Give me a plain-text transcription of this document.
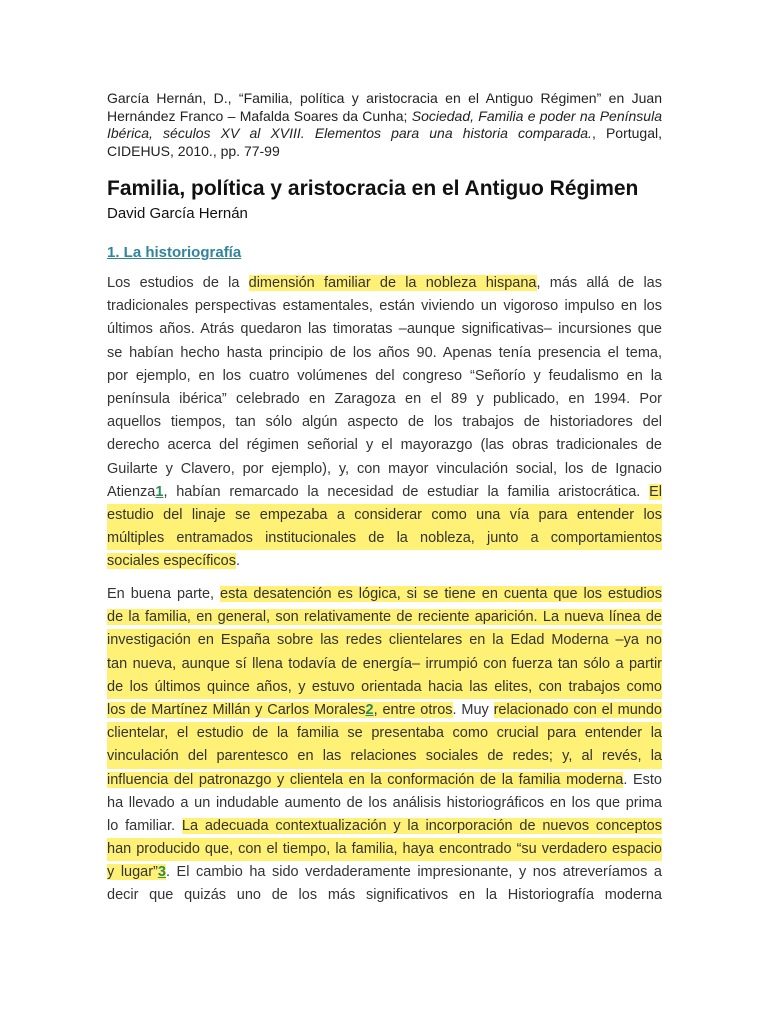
García Hernán, D., “Familia, política y aristocracia en el Antiguo Régimen” en Juan Hernández Franco – Mafalda Soares da Cunha; Sociedad, Familia e poder na Península Ibérica, séculos XV al XVIII. Elementos para una historia comparada., Portugal, CIDEHUS, 2010., pp. 77-99
Familia, política y aristocracia en el Antiguo Régimen
David García Hernán
1. La historiografía
Los estudios de la dimensión familiar de la nobleza hispana, más allá de las
tradicionales perspectivas estamentales, están viviendo un vigoroso impulso en los
últimos años. Atrás quedaron las timoratas –aunque significativas– incursiones que
se habían hecho hasta principio de los años 90. Apenas tenía presencia el tema,
por ejemplo, en los cuatro volúmenes del congreso “Señorío y feudalismo en la
península ibérica” celebrado en Zaragoza en el 89 y publicado, en 1994. Por
aquellos tiempos, tan sólo algún aspecto de los trabajos de historiadores del
derecho acerca del régimen señorial y el mayorazgo (las obras tradicionales de
Guilarte y Clavero, por ejemplo), y, con mayor vinculación social, los de Ignacio
Atienza1, habían remarcado la necesidad de estudiar la familia aristocrática. El
estudio del linaje se empezaba a considerar como una vía para entender los
múltiples entramados institucionales de la nobleza, junto a comportamientos
sociales específicos.
En buena parte, esta desatención es lógica, si se tiene en cuenta que los estudios
de la familia, en general, son relativamente de reciente aparición. La nueva línea de
investigación en España sobre las redes clientelares en la Edad Moderna –ya no
tan nueva, aunque sí llena todavía de energía– irrumpió con fuerza tan sólo a partir
de los últimos quince años, y estuvo orientada hacia las elites, con trabajos como
los de Martínez Millán y Carlos Morales2, entre otros. Muy relacionado con el mundo
clientelar, el estudio de la familia se presentaba como crucial para entender la
vinculación del parentesco en las relaciones sociales de redes; y, al revés, la
influencia del patronazgo y clientela en la conformación de la familia moderna. Esto
ha llevado a un indudable aumento de los análisis historiográficos en los que prima
lo familiar. La adecuada contextualización y la incorporación de nuevos conceptos
han producido que, con el tiempo, la familia, haya encontrado “su verdadero espacio
y lugar”3. El cambio ha sido verdaderamente impresionante, y nos atreveríamos a
decir que quizás uno de los más significativos en la Historiografía moderna
